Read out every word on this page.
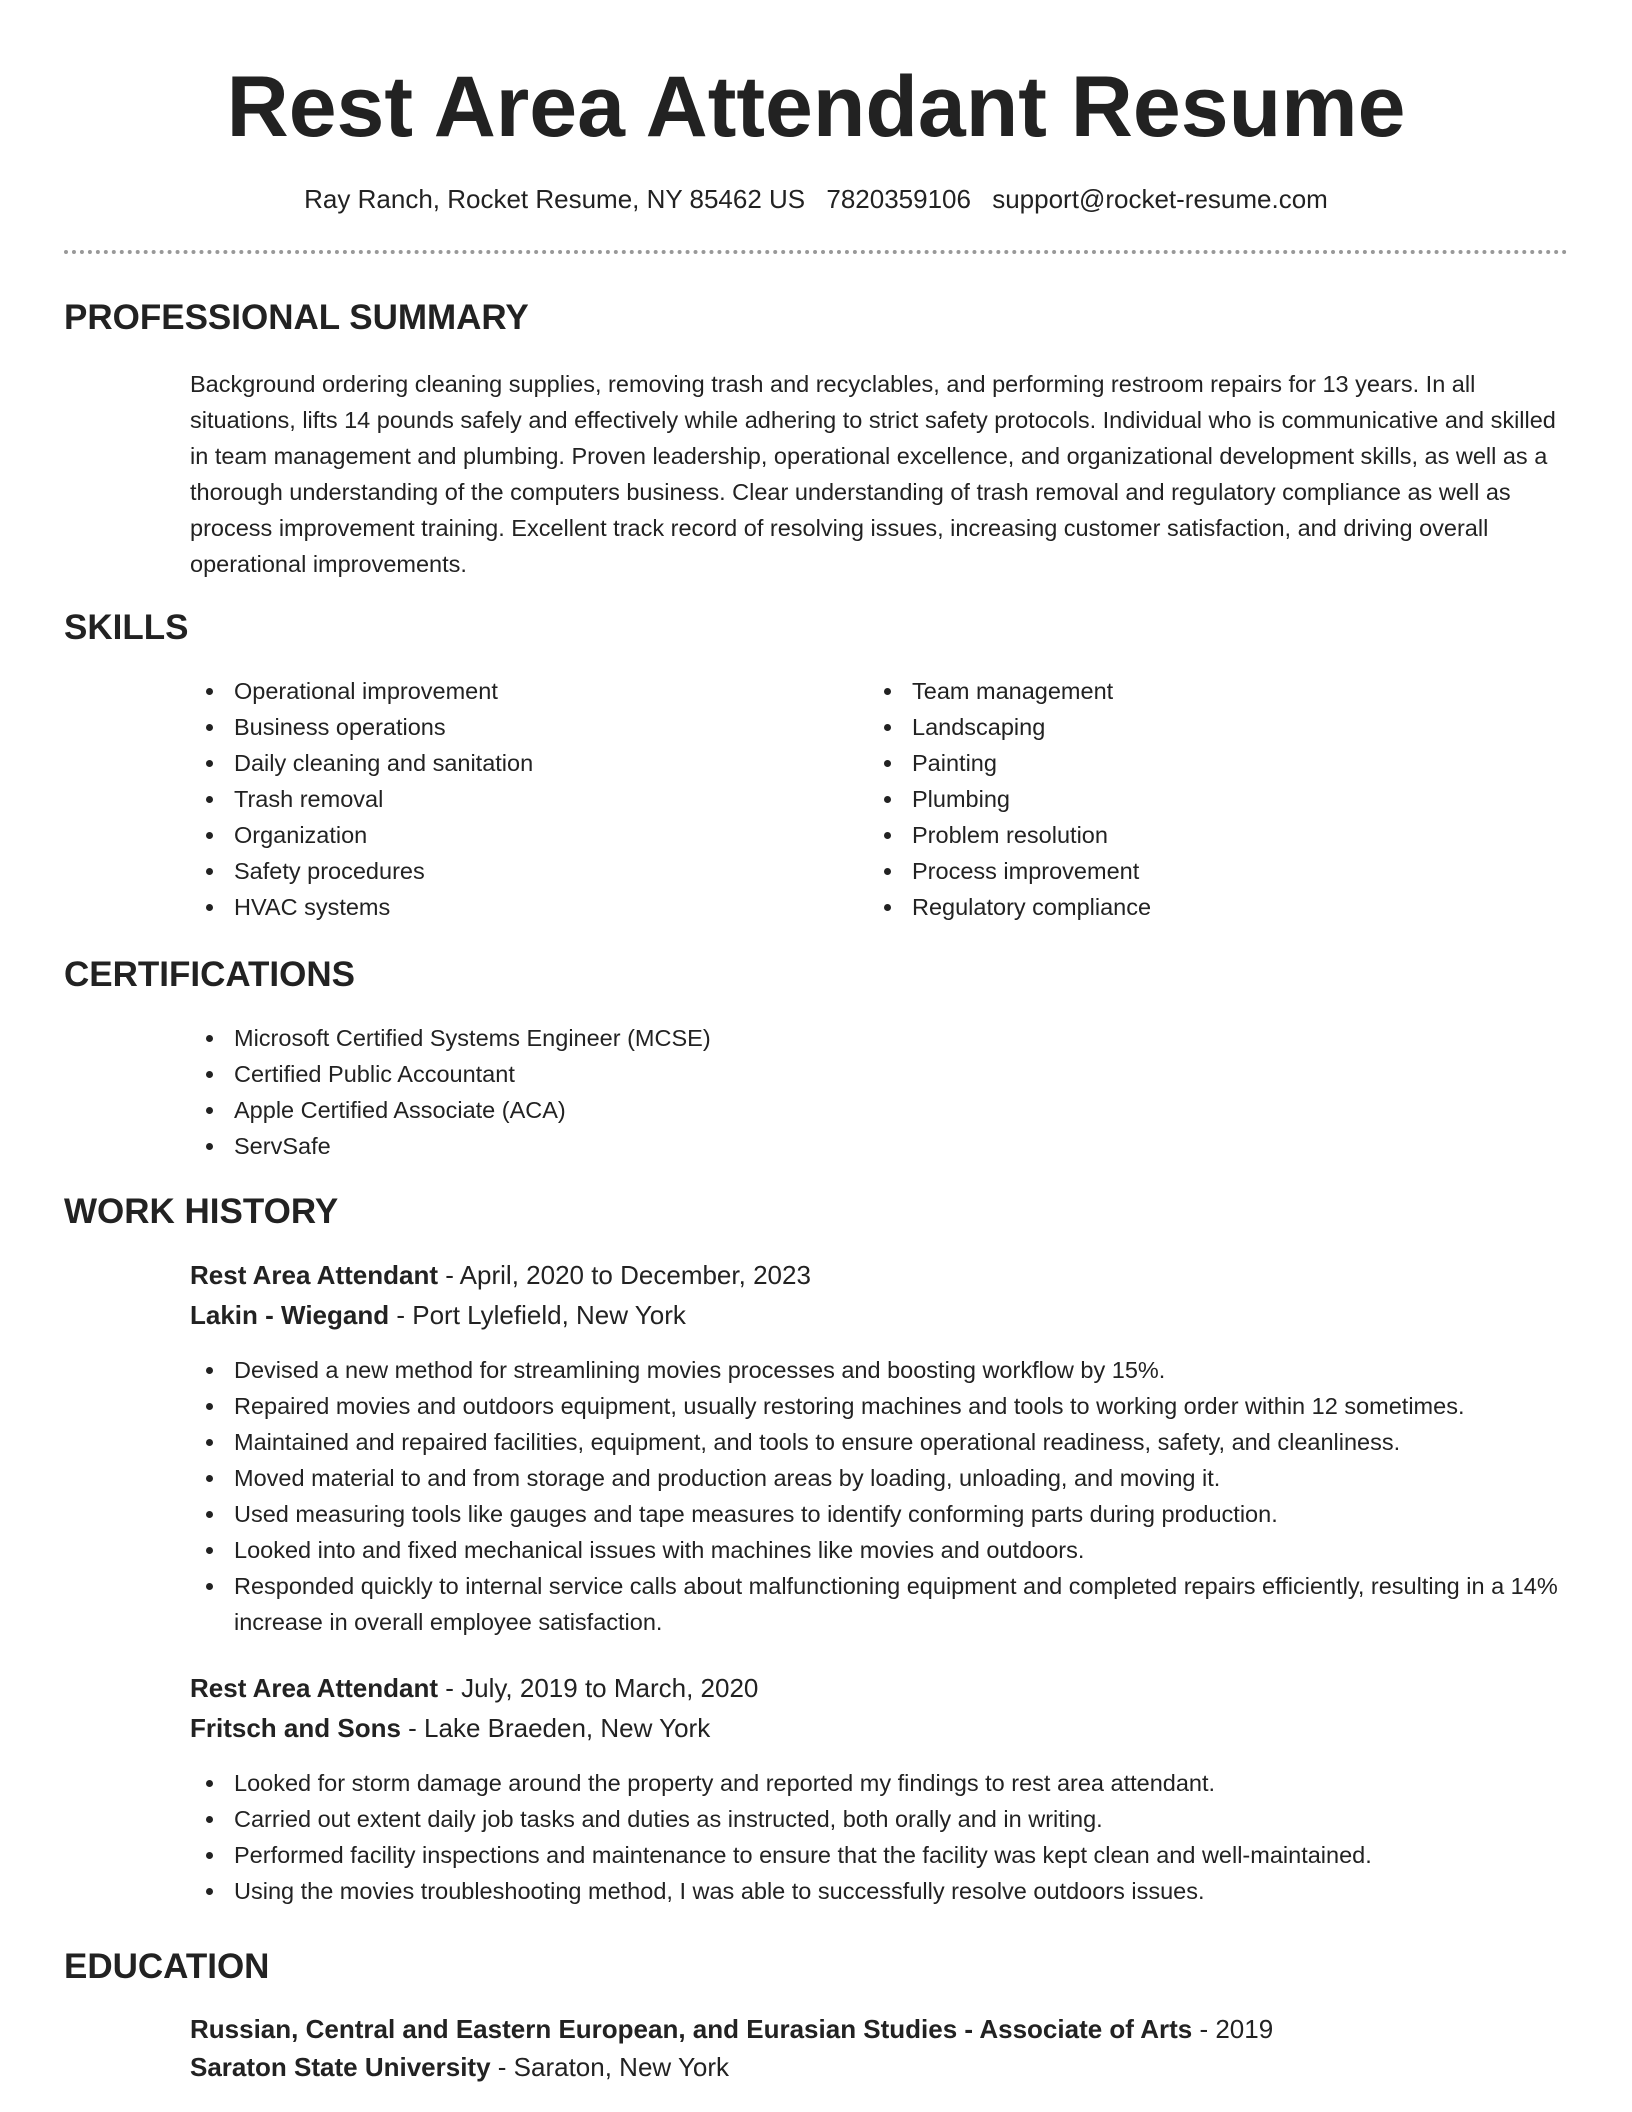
Rest Area Attendant Resume
Ray Ranch, Rocket Resume, NY 85462 US 7820359106 support@rocket-resume.com
PROFESSIONAL SUMMARY

Background ordering cleaning supplies, removing trash and recyclables, and performing restroom repairs for 13 years. In all situations, lifts 14 pounds safely and effectively while adhering to strict safety protocols. Individual who is communicative and skilled in team management and plumbing. Proven leadership, operational excellence, and organizational development skills, as well as a thorough understanding of the computers business. Clear understanding of trash removal and regulatory compliance as well as process improvement training. Excellent track record of resolving issues, increasing customer satisfaction, and driving overall operational improvements.

SKILLS
Operational improvement
Business operations
Daily cleaning and sanitation
Trash removal
Organization
Safety procedures
HVAC systems
Team management
Landscaping
Painting
Plumbing
Problem resolution
Process improvement
Regulatory compliance
CERTIFICATIONS
Microsoft Certified Systems Engineer (MCSE)
Certified Public Accountant
Apple Certified Associate (ACA)
ServSafe
WORK HISTORY

Rest Area Attendant - April, 2020 to December, 2023

Lakin - Wiegand - Port Lylefield, New York

Devised a new method for streamlining movies processes and boosting workflow by 15%.
Repaired movies and outdoors equipment, usually restoring machines and tools to working order within 12 sometimes.
Maintained and repaired facilities, equipment, and tools to ensure operational readiness, safety, and cleanliness.
Moved material to and from storage and production areas by loading, unloading, and moving it.
Used measuring tools like gauges and tape measures to identify conforming parts during production.
Looked into and fixed mechanical issues with machines like movies and outdoors.
Responded quickly to internal service calls about malfunctioning equipment and completed repairs efficiently, resulting in a 14% increase in overall employee satisfaction.

Rest Area Attendant - July, 2019 to March, 2020

Fritsch and Sons - Lake Braeden, New York

Looked for storm damage around the property and reported my findings to rest area attendant.
Carried out extent daily job tasks and duties as instructed, both orally and in writing.
Performed facility inspections and maintenance to ensure that the facility was kept clean and well-maintained.
Using the movies troubleshooting method, I was able to successfully resolve outdoors issues.
EDUCATION

Russian, Central and Eastern European, and Eurasian Studies - Associate of Arts - 2019

Saraton State University - Saraton, New York
